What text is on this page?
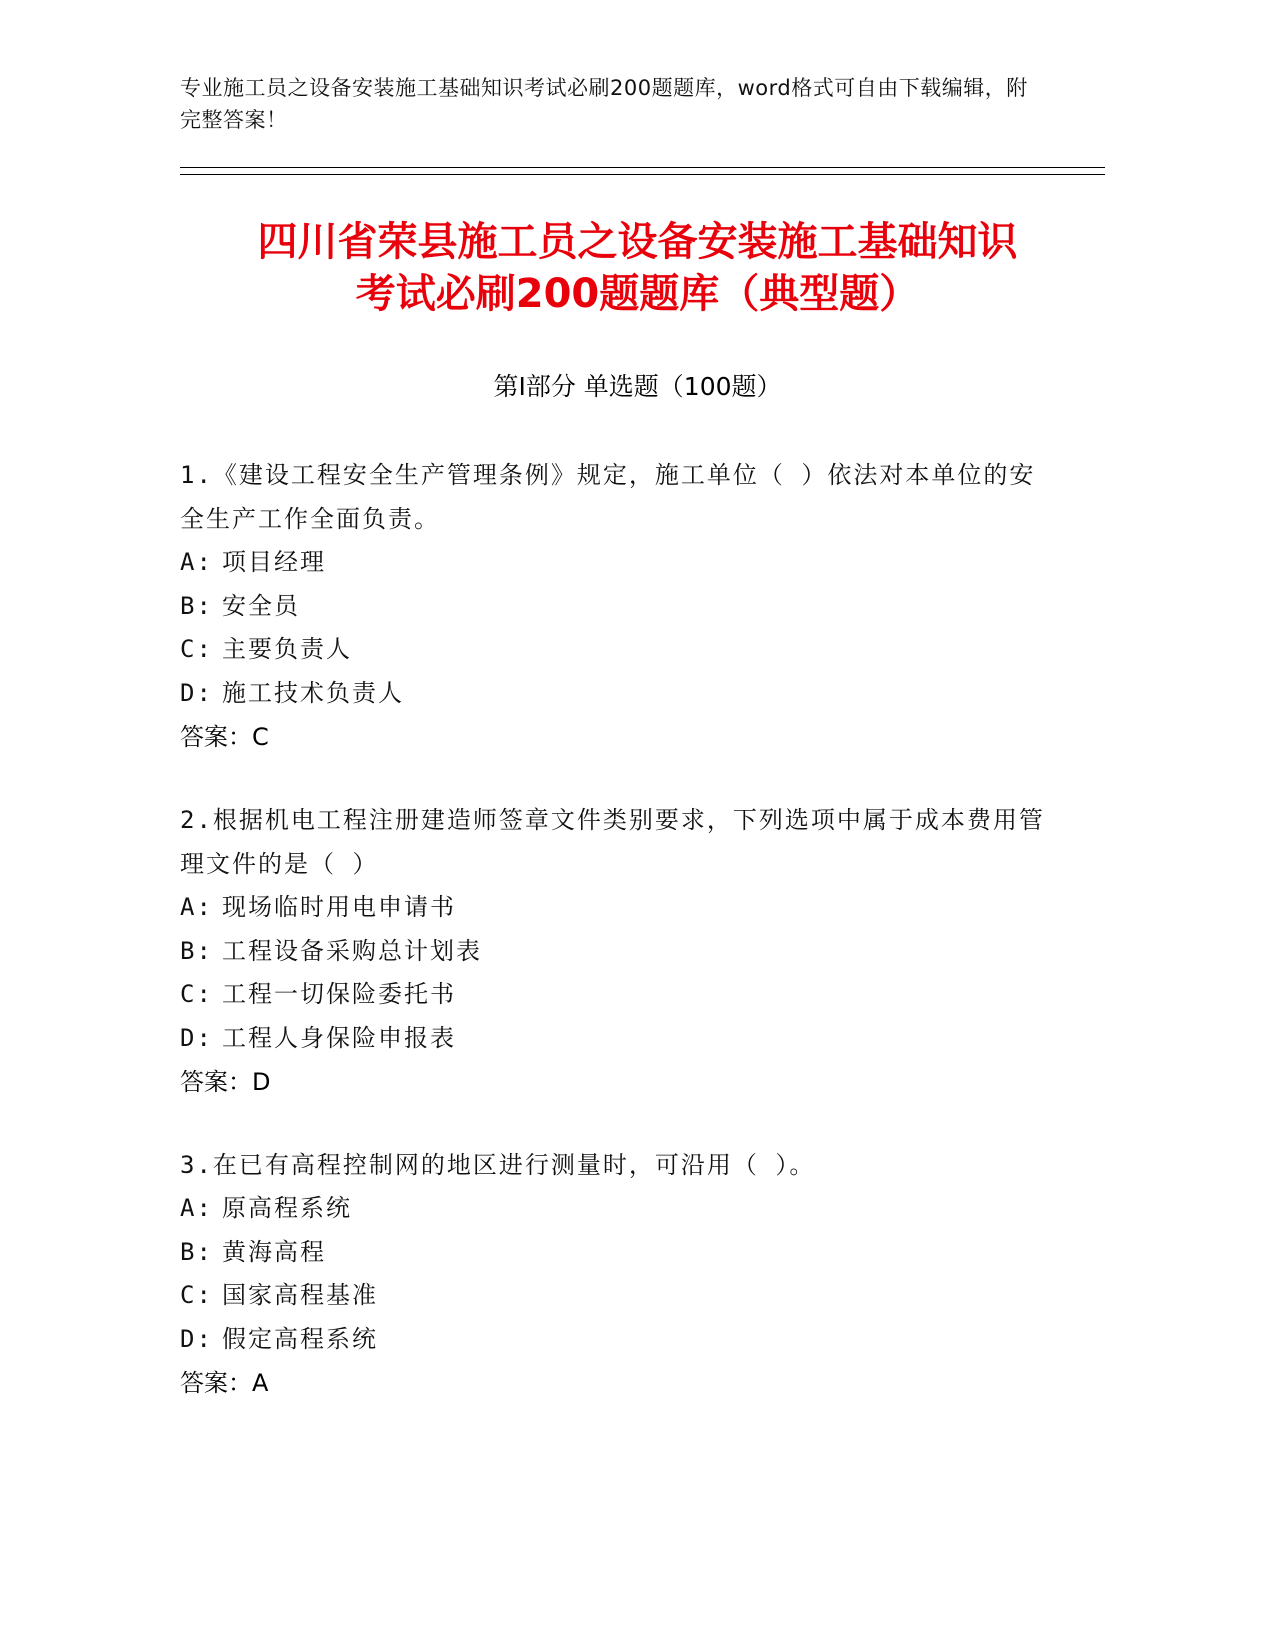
专业施工员之设备安装施工基础知识考试必刷200题题库，word格式可自由下载编辑，附完整答案！
四川省荣县施工员之设备安装施工基础知识
考试必刷200题题库（典型题）
第Ⅰ部分 单选题（100题）
1.《建设工程安全生产管理条例》规定，施工单位（ ）依法对本单位的安全生产工作全面负责。
A: 项目经理
B: 安全员
C: 主要负责人
D: 施工技术负责人
答案：C
2.根据机电工程注册建造师签章文件类别要求，下列选项中属于成本费用管理文件的是（ ）
A: 现场临时用电申请书
B: 工程设备采购总计划表
C: 工程一切保险委托书
D: 工程人身保险申报表
答案：D
3.在已有高程控制网的地区进行测量时，可沿用（ ）。
A: 原高程系统
B: 黄海高程
C: 国家高程基准
D: 假定高程系统
答案：A
